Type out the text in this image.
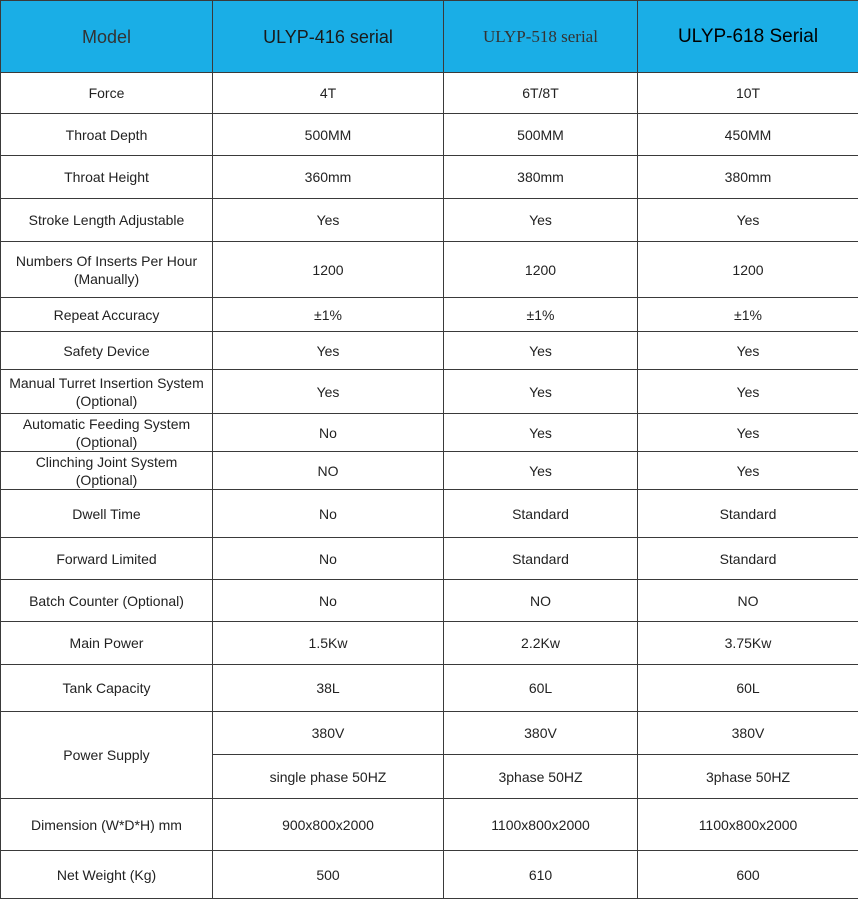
Model	ULYP-416 serial	ULYP-518 serial	ULYP-618 Serial
Force	4T	6T/8T	10T
Throat Depth	500MM	500MM	450MM
Throat Height	360mm	380mm	380mm
Stroke Length Adjustable	Yes	Yes	Yes
Numbers Of Inserts Per Hour
(Manually)	1200	1200	1200
Repeat Accuracy	±1%	±1%	±1%
Safety Device	Yes	Yes	Yes
Manual Turret Insertion System
(Optional)	Yes	Yes	Yes
Automatic Feeding System
(Optional)	No	Yes	Yes
Clinching Joint System
(Optional)	NO	Yes	Yes
Dwell Time	No	Standard	Standard
Forward Limited	No	Standard	Standard
Batch Counter (Optional)	No	NO	NO
Main Power	1.5Kw	2.2Kw	3.75Kw
Tank Capacity	38L	60L	60L
Power Supply	380V	380V	380V
	single phase 50HZ	3phase 50HZ	3phase 50HZ
Dimension (W*D*H) mm	900x800x2000	1100x800x2000	1100x800x2000
Net Weight (Kg)	500	610	600
